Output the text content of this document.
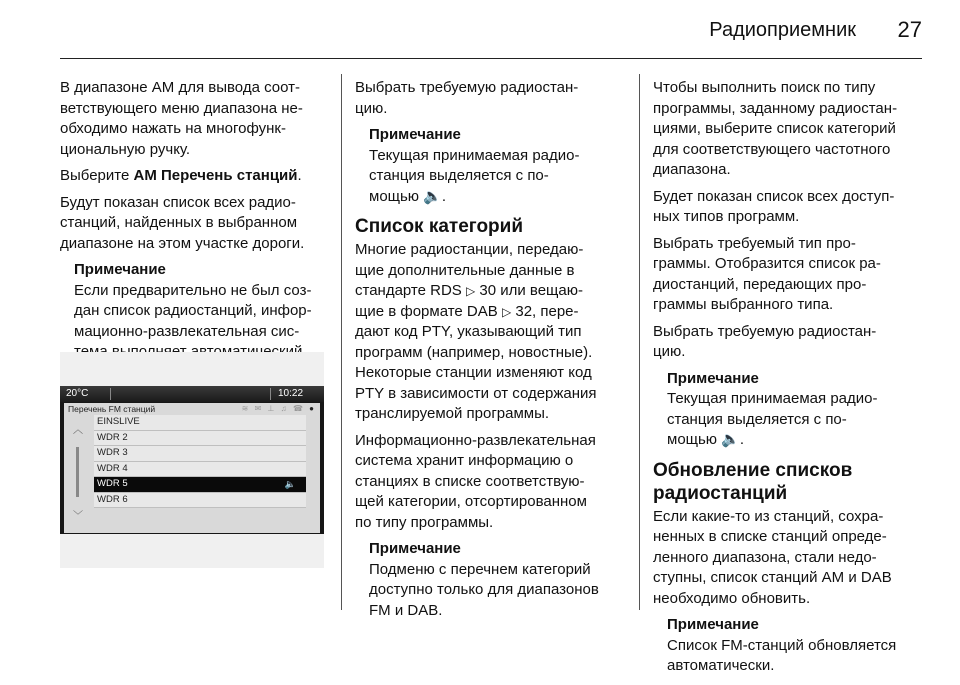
Радиоприемник 27

В диапазоне AM для вывода соот-
ветствующего меню диапазона не-
обходимо нажать на многофунк-
циональную ручку.

Выберите AM Перечень станций.

Будут показан список всех радио-
станций, найденных в выбранном
диапазоне на этом участке дороги.

Примечание
Если предварительно не был соз-
дан список радиостанций, инфор-
мационно-развлекательная сис-
20°C	10:22
Перечень FM станций	≋ ✉ ⊥ ♫ ☎ ●
︿
﹀
EINSLIVE
WDR 2
WDR 3
WDR 4
WDR 5	🔈
WDR 6

Выбрать требуемую радиостан-
цию.

Примечание
Текущая принимаемая радио-
станция выделяется с по-
мощью 🔈.
Список категорий

Многие радиостанции, передаю-
щие дополнительные данные в
стандарте RDS ▷ 30 или вещаю-
щие в формате DAB ▷ 32, пере-
дают код PTY, указывающий тип
программ (например, новостные).
Некоторые станции изменяют код
PTY в зависимости от содержания
транслируемой программы.

Информационно-развлекательная
система хранит информацию о
станциях в списке соответствую-
щей категории, отсортированном
по типу программы.

Примечание
Подменю с перечнем категорий
доступно только для диапазонов
FM и DAB.

Чтобы выполнить поиск по типу
программы, заданному радиостан-
циями, выберите список категорий
для соответствующего частотного
диапазона.

Будет показан список всех доступ-
ных типов программ.

Выбрать требуемый тип про-
граммы. Отобразится список ра-
диостанций, передающих про-
граммы выбранного типа.

Выбрать требуемую радиостан-
цию.

Примечание
Текущая принимаемая радио-
станция выделяется с по-
мощью 🔈.
Обновление списков
радиостанций

Если какие-то из станций, сохра-
ненных в списке станций опреде-
ленного диапазона, стали недо-
ступны, список станций AM и DAB
необходимо обновить.

Примечание
Список FM-станций обновляется
автоматически.
